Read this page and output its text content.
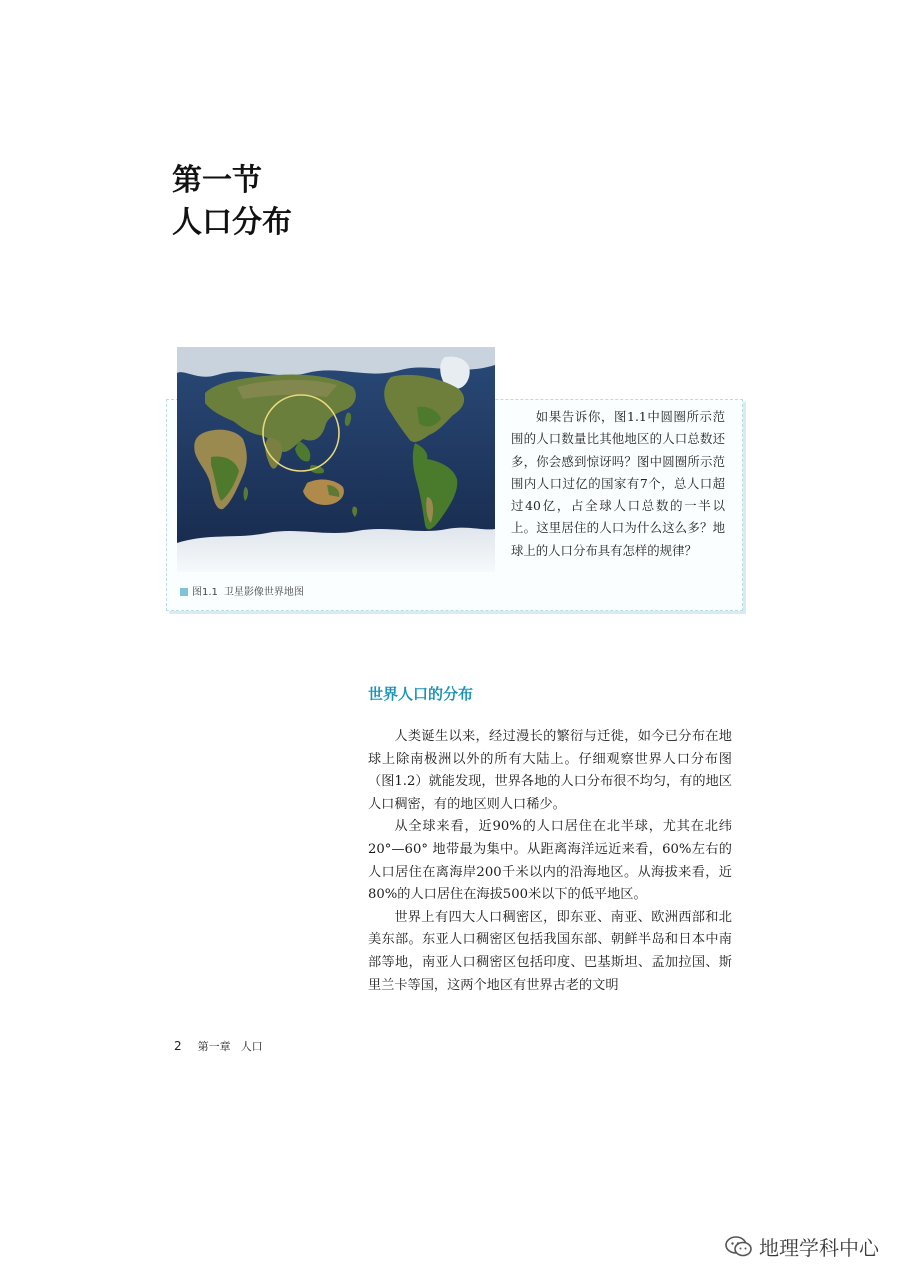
第一节
人口分布
图1.1 卫星影像世界地图

如果告诉你，图1.1中圆圈所示范围的人口数量比其他地区的人口总数还多，你会感到惊讶吗？图中圆圈所示范围内人口过亿的国家有7个，总人口超过40亿，占全球人口总数的一半以上。这里居住的人口为什么这么多？地球上的人口分布具有怎样的规律？

世界人口的分布

人类诞生以来，经过漫长的繁衍与迁徙，如今已分布在地球上除南极洲以外的所有大陆上。仔细观察世界人口分布图（图1.2）就能发现，世界各地的人口分布很不均匀，有的地区人口稠密，有的地区则人口稀少。

从全球来看，近90%的人口居住在北半球，尤其在北纬20°—60° 地带最为集中。从距离海洋远近来看，60%左右的人口居住在离海岸200千米以内的沿海地区。从海拔来看，近80%的人口居住在海拔500米以下的低平地区。

世界上有四大人口稠密区，即东亚、南亚、欧洲西部和北美东部。东亚人口稠密区包括我国东部、朝鲜半岛和日本中南部等地，南亚人口稠密区包括印度、巴基斯坦、孟加拉国、斯里兰卡等国，这两个地区有世界古老的文明

2 第一章 人口
地理学科中心
